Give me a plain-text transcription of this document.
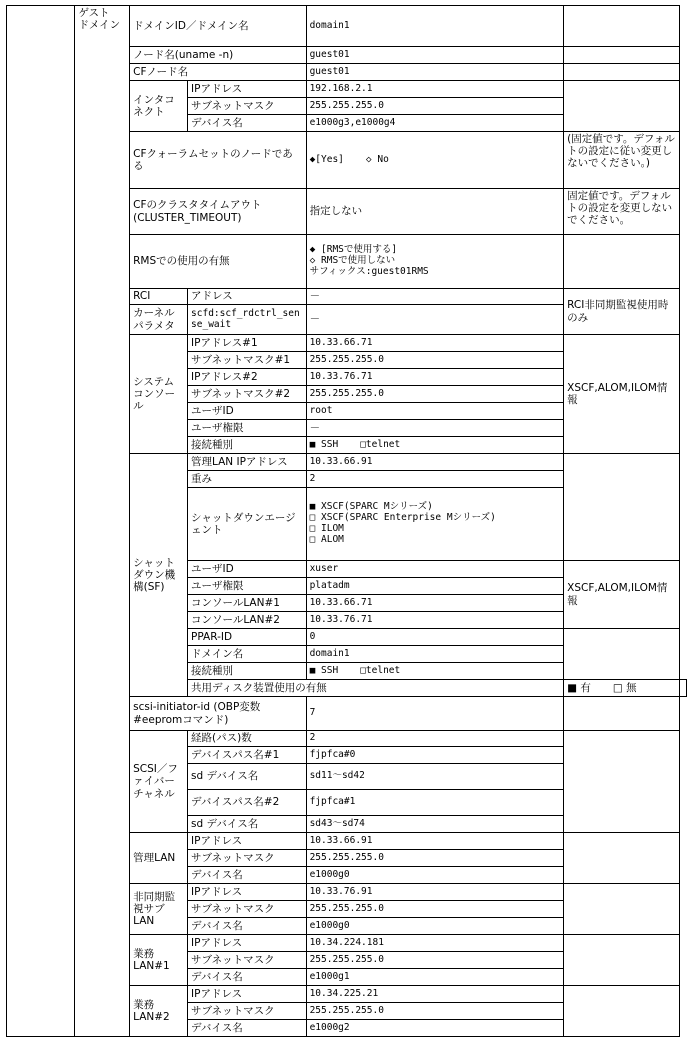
	ゲスト
ドメイン	ドメインID／ドメイン名		domain1		
		ノード名(uname -n)		guest01		
		CFノード名		guest01		
		インタコネクト	IPアドレス	192.168.2.1		
			サブネットマスク	255.255.255.0		
			デバイス名	e1000g3,e1000g4		
		CFクォーラムセットのノードである		◆[Yes] ◇ No	(固定値です。デフォルトの設定に従い変更しないでください。)	
		CFのクラスタタイムアウト(CLUSTER_TIMEOUT)		指定しない	固定値です。デフォルトの設定を変更しないでください。	
		RMSでの使用の有無		◆ [RMSで使用する]
◇ RMSで使用しない
サフィックス:guest01RMS		

		RCI	アドレス	－	RCI非同期監視使用時のみ	
		カーネルパラメタ	scfd:scf_rdctrl_sense_wait	－		
		システムコンソール	IPアドレス#1	10.33.66.71	XSCF,ALOM,ILOM情報	
			サブネットマスク#1	255.255.255.0		
			IPアドレス#2	10.33.76.71		
			サブネットマスク#2	255.255.255.0		
			ユーザID	root		
			ユーザ権限	－		
			接続種別	■ SSH □telnet		
		シャットダウン機構(SF)	管理LAN IPアドレス	10.33.66.91		
			重み	2		
			シャットダウンエージェント	■ XSCF(SPARC Mシリーズ)
□ XSCF(SPARC Enterprise Mシリーズ)
□ ILOM
□ ALOM		

			ユーザID	xuser	XSCF,ALOM,ILOM情報	
			ユーザ権限	platadm		
			コンソールLAN#1	10.33.66.71		
			コンソールLAN#2	10.33.76.71		
			PPAR-ID	0		
			ドメイン名	domain1		
			接続種別	■ SSH □telnet		
			共用ディスク装置使用の有無		■ 有 □ 無	
		scsi-initiator-id (OBP変数 #eepromコマンド)		7		
		SCSI／ファイバーチャネル	経路(パス)数	2		
			デバイスパス名#1	fjpfca#0		
			sd デバイス名	sd11～sd42		
			デバイスパス名#2	fjpfca#1		
			sd デバイス名	sd43～sd74		
		管理LAN	IPアドレス	10.33.66.91		
			サブネットマスク	255.255.255.0		
			デバイス名	e1000g0		
		非同期監視サブLAN	IPアドレス	10.33.76.91		
			サブネットマスク	255.255.255.0		
			デバイス名	e1000g0		
		業務LAN#1	IPアドレス	10.34.224.181		
			サブネットマスク	255.255.255.0		
			デバイス名	e1000g1		
		業務LAN#2	IPアドレス	10.34.225.21		
			サブネットマスク	255.255.255.0		
			デバイス名	e1000g2		
